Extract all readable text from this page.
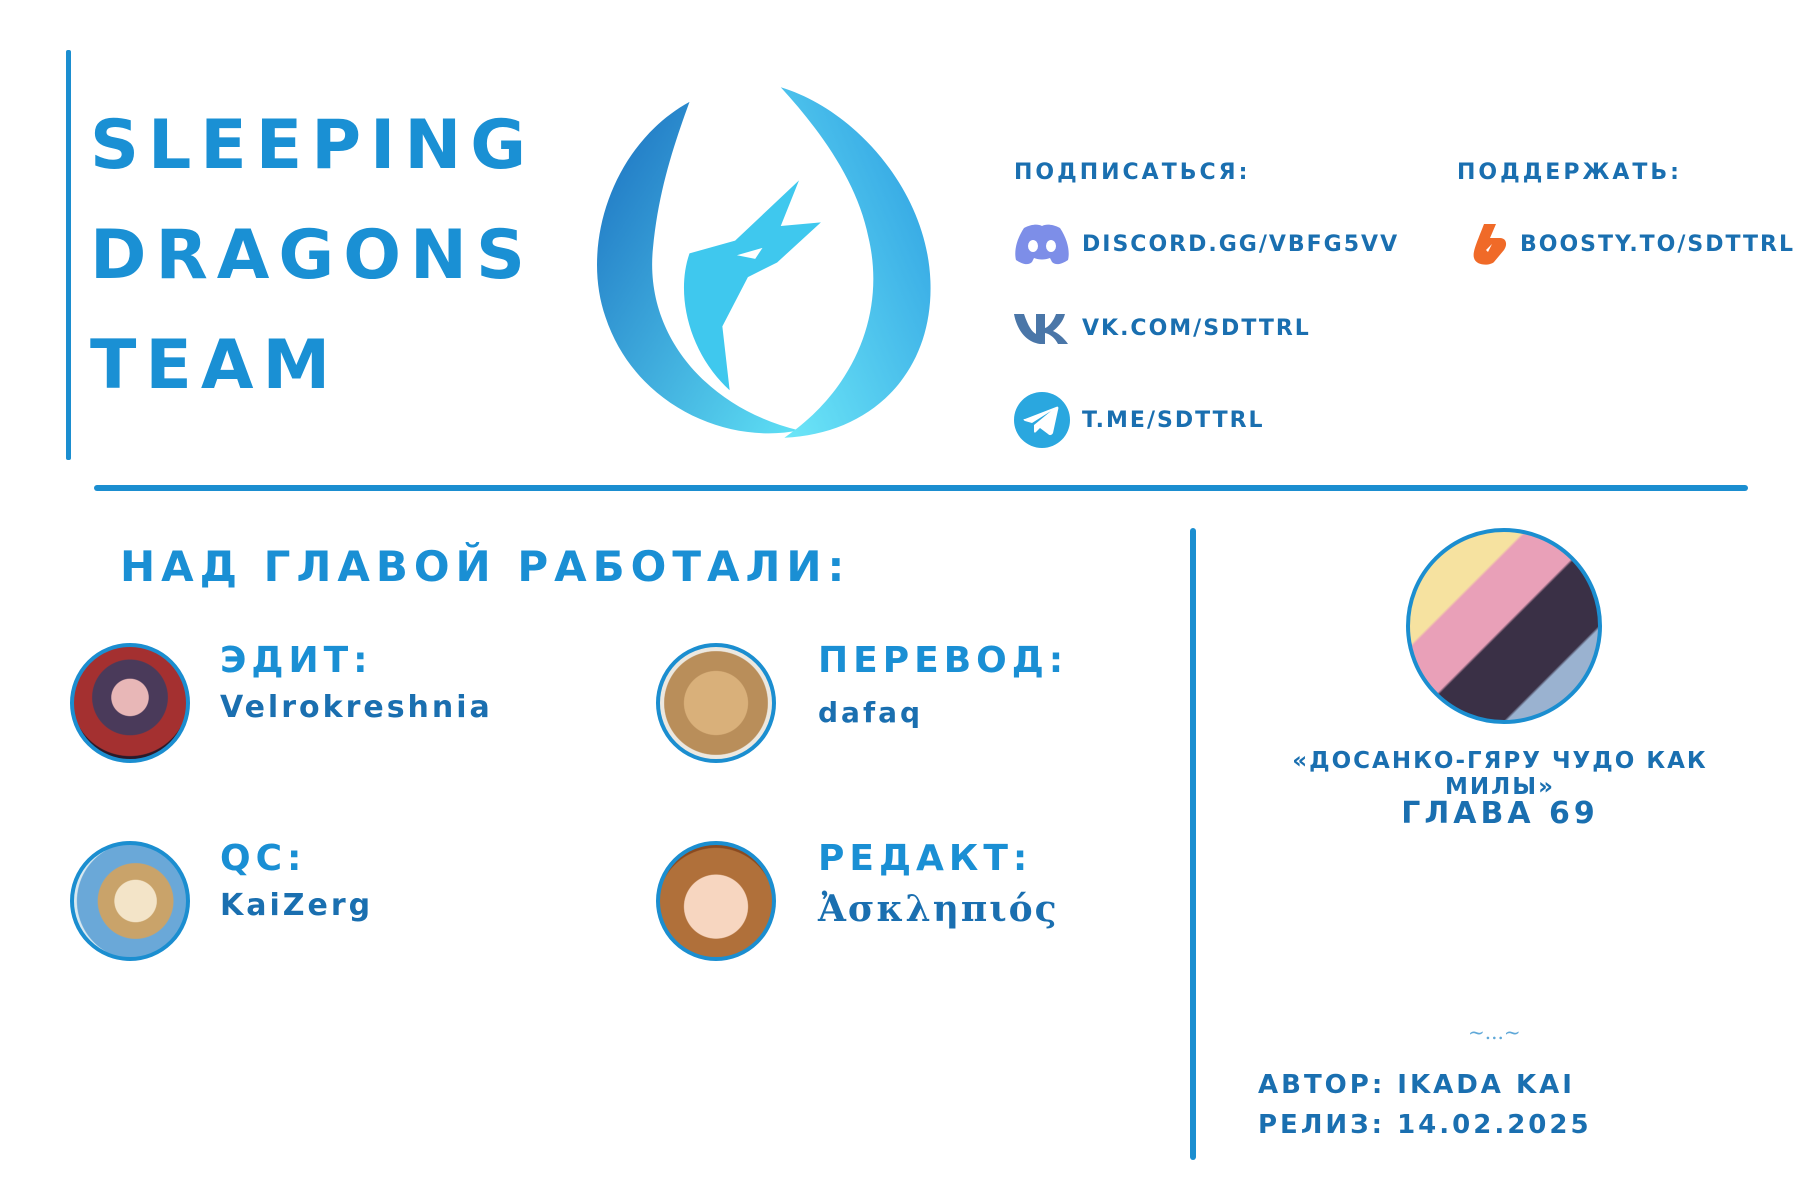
SLEEPING
DRAGONS
TEAM
ПОДПИСАТЬСЯ:	ПОДДЕРЖАТЬ:
DISCORD.GG/VBFG5VV
VK.COM/SDTTRL
T.ME/SDTTRL
BOOSTY.TO/SDTTRL
НАД ГЛАВОЙ РАБОТАЛИ:
ЭДИТ:
Velrokreshnia
ПЕРЕВОД:
dafaq
QC:
KaiZerg
РЕДАКТ:
Ἀσκληπιός
«ДОСАНКО-ГЯРУ ЧУДО КАК МИЛЫ»
ГЛАВА 69
~...~
АВТОР: IKADA KAI
РЕЛИЗ: 14.02.2025
